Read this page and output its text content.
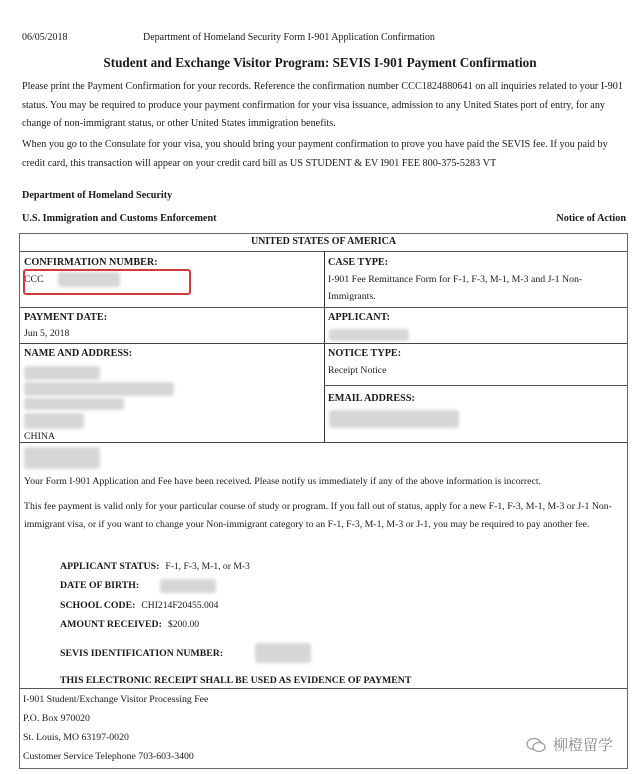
06/05/2018	Department of Homeland Security Form I-901 Application Confirmation
Student and Exchange Visitor Program: SEVIS I-901 Payment Confirmation
Please print the Payment Confirmation for your records. Reference the confirmation number CCC1824880641 on all inquiries related to your I-901 status. You may be required to produce your payment confirmation for your visa issuance, admission to any United States port of entry, for any change of non-immigrant status, or other United States immigration benefits.
When you go to the Consulate for your visa, you should bring your payment confirmation to prove you have paid the SEVIS fee. If you paid by credit card, this transaction will appear on your credit card bill as US STUDENT & EV I901 FEE 800-375-5283 VT
Department of Homeland Security
U.S. Immigration and Customs Enforcement	Notice of Action
UNITED STATES OF AMERICA
CONFIRMATION NUMBER:
CCC
CASE TYPE:
I-901 Fee Remittance Form for F-1, F-3, M-1, M-3 and J-1 Non-
Immigrants.
PAYMENT DATE:
Jun 5, 2018
APPLICANT:
NAME AND ADDRESS:
CHINA
NOTICE TYPE:
Receipt Notice
EMAIL ADDRESS:
Your Form I-901 Application and Fee have been received. Please notify us immediately if any of the above information is incorrect.
This fee payment is valid only for your particular course of study or program. If you fall out of status, apply for a new F-1, F-3, M-1, M-3 or J-1 Non-immigrant visa, or if you want to change your Non-immigrant category to an F-1, F-3, M-1, M-3 or J-1, you may be required to pay another fee.
APPLICANT STATUS: F-1, F-3, M-1, or M-3
DATE OF BIRTH:
SCHOOL CODE: CHI214F20455.004
AMOUNT RECEIVED: $200.00
SEVIS IDENTIFICATION NUMBER:
THIS ELECTRONIC RECEIPT SHALL BE USED AS EVIDENCE OF PAYMENT
I-901 Student/Exchange Visitor Processing Fee
P.O. Box 970020
St. Louis, MO 63197-0020
Customer Service Telephone 703-603-3400
柳橙留学
